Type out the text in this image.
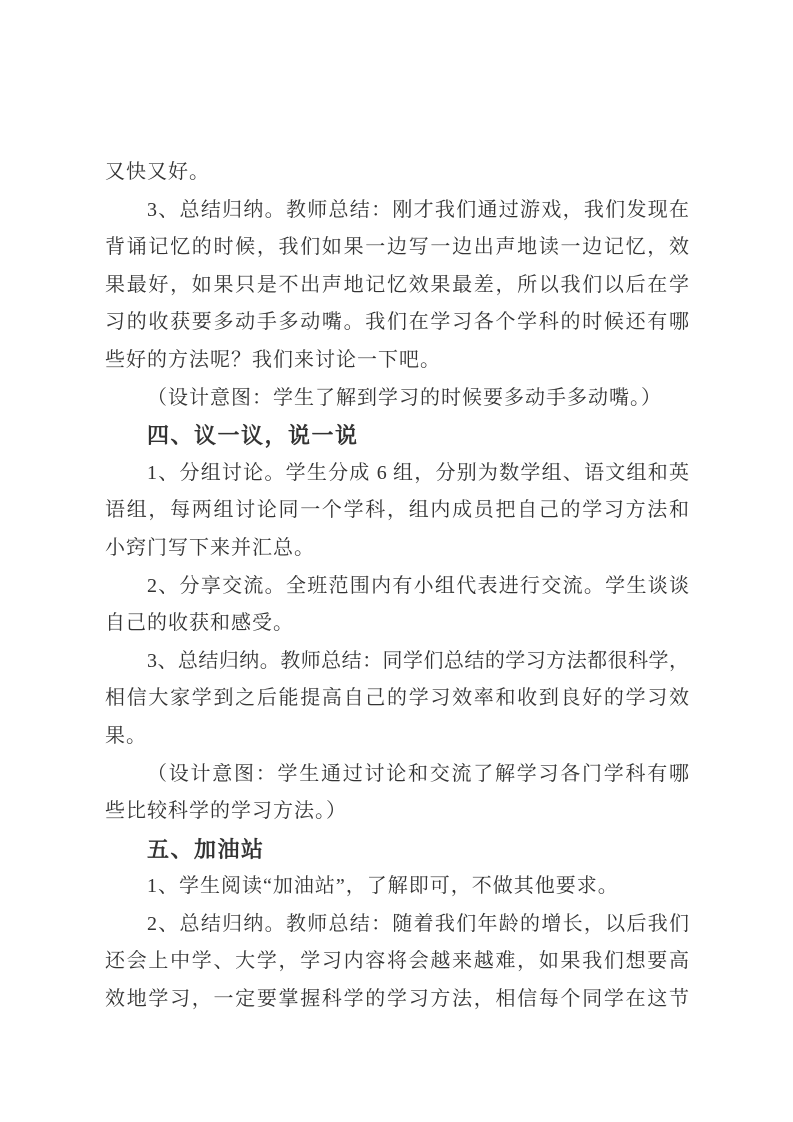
又快又好。
3、总结归纳。教师总结：刚才我们通过游戏，我们发现在
背诵记忆的时候，我们如果一边写一边出声地读一边记忆，效
果最好，如果只是不出声地记忆效果最差，所以我们以后在学
习的收获要多动手多动嘴。我们在学习各个学科的时候还有哪
些好的方法呢？我们来讨论一下吧。
（设计意图：学生了解到学习的时候要多动手多动嘴。）
四、议一议，说一说
1、分组讨论。学生分成 6 组，分别为数学组、语文组和英
语组，每两组讨论同一个学科，组内成员把自己的学习方法和
小窍门写下来并汇总。
2、分享交流。全班范围内有小组代表进行交流。学生谈谈
自己的收获和感受。
3、总结归纳。教师总结：同学们总结的学习方法都很科学，
相信大家学到之后能提高自己的学习效率和收到良好的学习效
果。
（设计意图：学生通过讨论和交流了解学习各门学科有哪
些比较科学的学习方法。）
五、加油站
1、学生阅读“加油站”，了解即可，不做其他要求。
2、总结归纳。教师总结：随着我们年龄的增长，以后我们
还会上中学、大学，学习内容将会越来越难，如果我们想要高
效地学习，一定要掌握科学的学习方法，相信每个同学在这节
